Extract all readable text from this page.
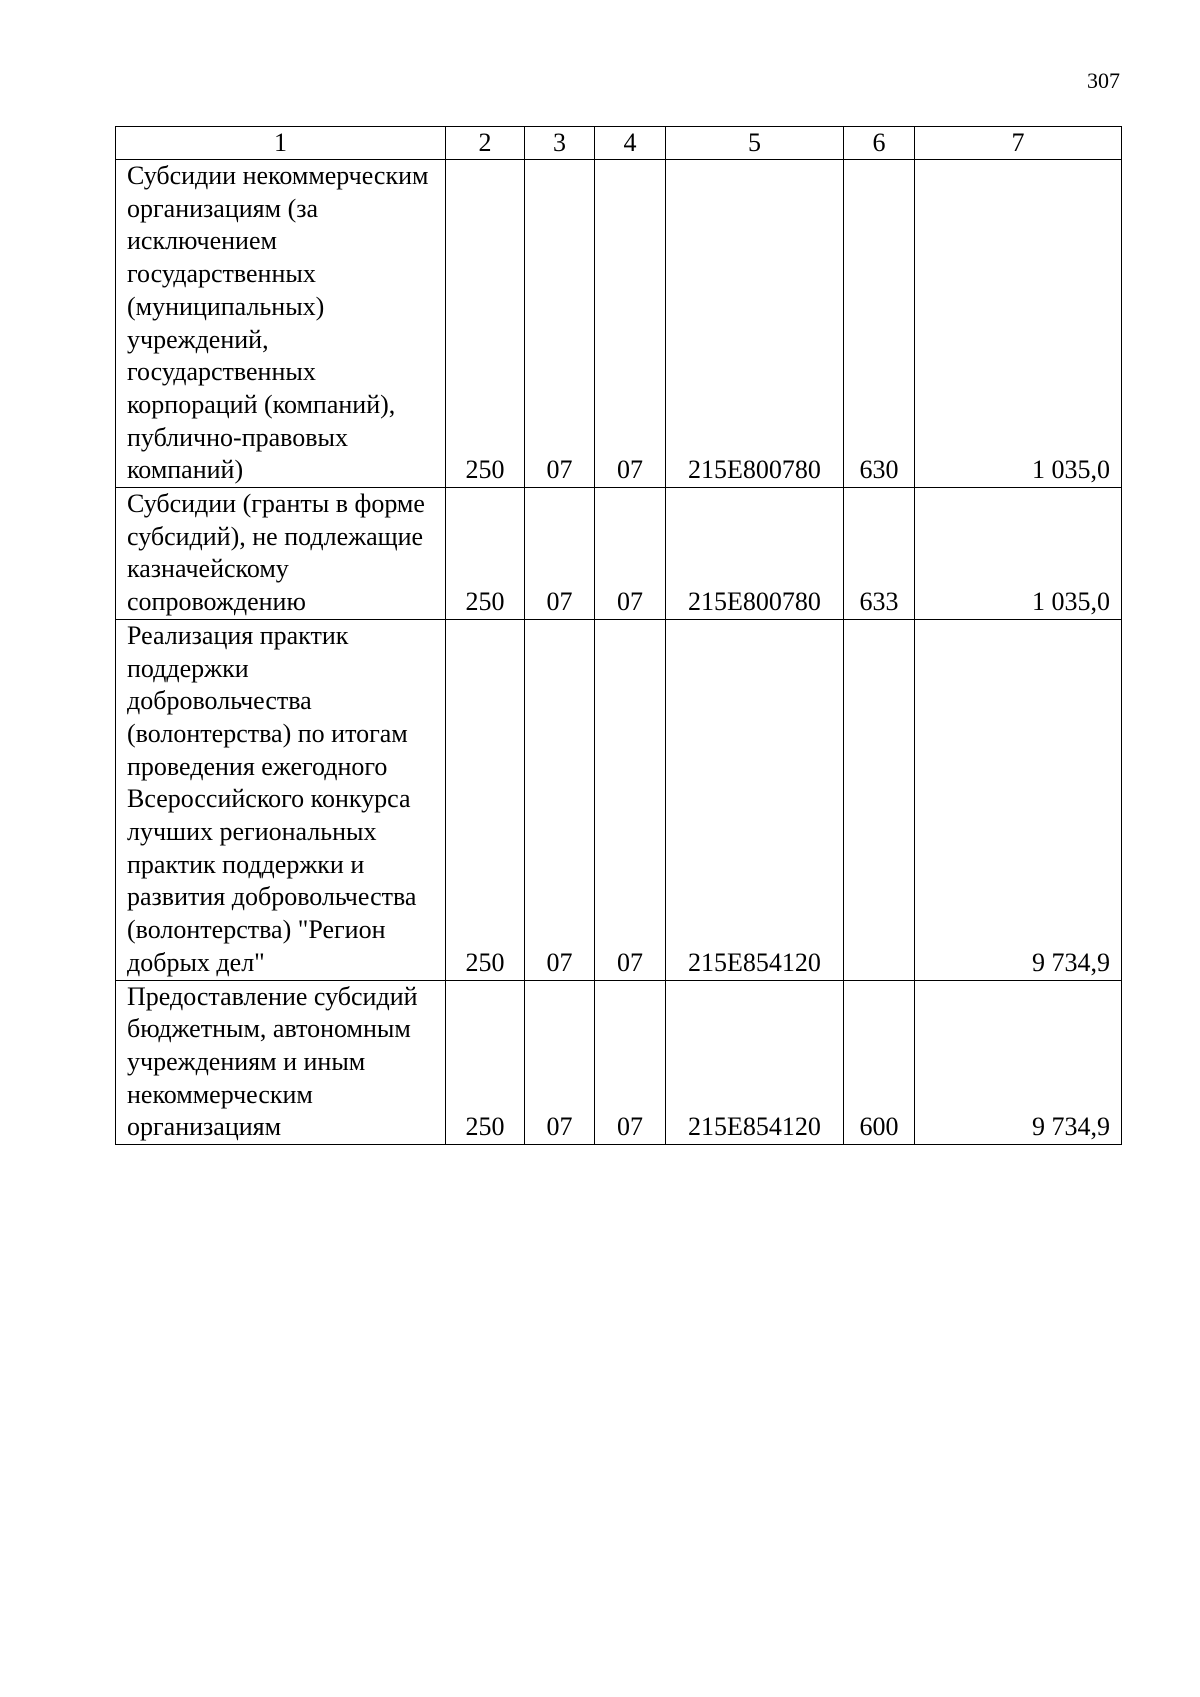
307
1	2	3	4	5	6	7
Субсидии некоммерческим организациям (за исключением государственных (муниципальных) учреждений, государственных корпораций (компаний), публично-правовых компаний)	250	07	07	215E800780	630	1 035,0
Субсидии (гранты в форме субсидий), не подлежащие казначейскому сопровождению	250	07	07	215E800780	633	1 035,0
Реализация практик поддержки добровольчества (волонтерства) по итогам проведения ежегодного Всероссийского конкурса лучших региональных практик поддержки и развития добровольчества (волонтерства) "Регион добрых дел"	250	07	07	215E854120		9 734,9
Предоставление субсидий бюджетным, автономным учреждениям и иным некоммерческим организациям	250	07	07	215E854120	600	9 734,9
